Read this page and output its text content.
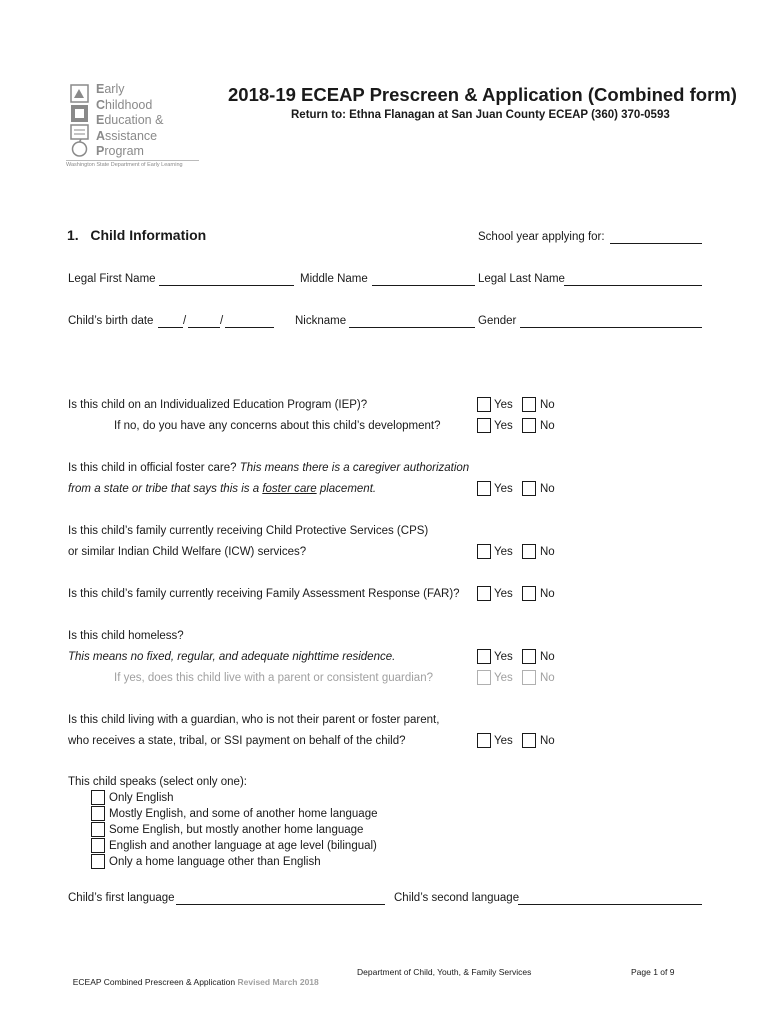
Early
Childhood
Education &
Assistance
Program
Washington State Department of Early Learning
2018-19 ECEAP Prescreen & Application (Combined form)
Return to: Ethna Flanagan at San Juan County ECEAP (360) 370-0593
1.   Child Information	School year applying for:
Legal First Name	Middle Name	Legal Last Name
Child’s birth date	/	/	Nickname	Gender
Is this child on an Individualized Education Program (IEP)?	Yes No
If no, do you have any concerns about this child’s development?	Yes No
Is this child in official foster care? This means there is a caregiver authorization
from a state or tribe that says this is a foster care placement.	Yes No
Is this child’s family currently receiving Child Protective Services (CPS)
or similar Indian Child Welfare (ICW) services?	Yes No
Is this child’s family currently receiving Family Assessment Response (FAR)?	Yes No
Is this child homeless?
This means no fixed, regular, and adequate nighttime residence.	Yes No
If yes, does this child live with a parent or consistent guardian?	Yes No
Is this child living with a guardian, who is not their parent or foster parent,
who receives a state, tribal, or SSI payment on behalf of the child?	Yes No
This child speaks (select only one):
Only English
Mostly English, and some of another home language
Some English, but mostly another home language
English and another language at age level (bilingual)
Only a home language other than English
Child’s first language	Child’s second language

ECEAP Combined Prescreen & Application Revised March 2018

Department of Child, Youth, & Family Services	Page 1 of 9
